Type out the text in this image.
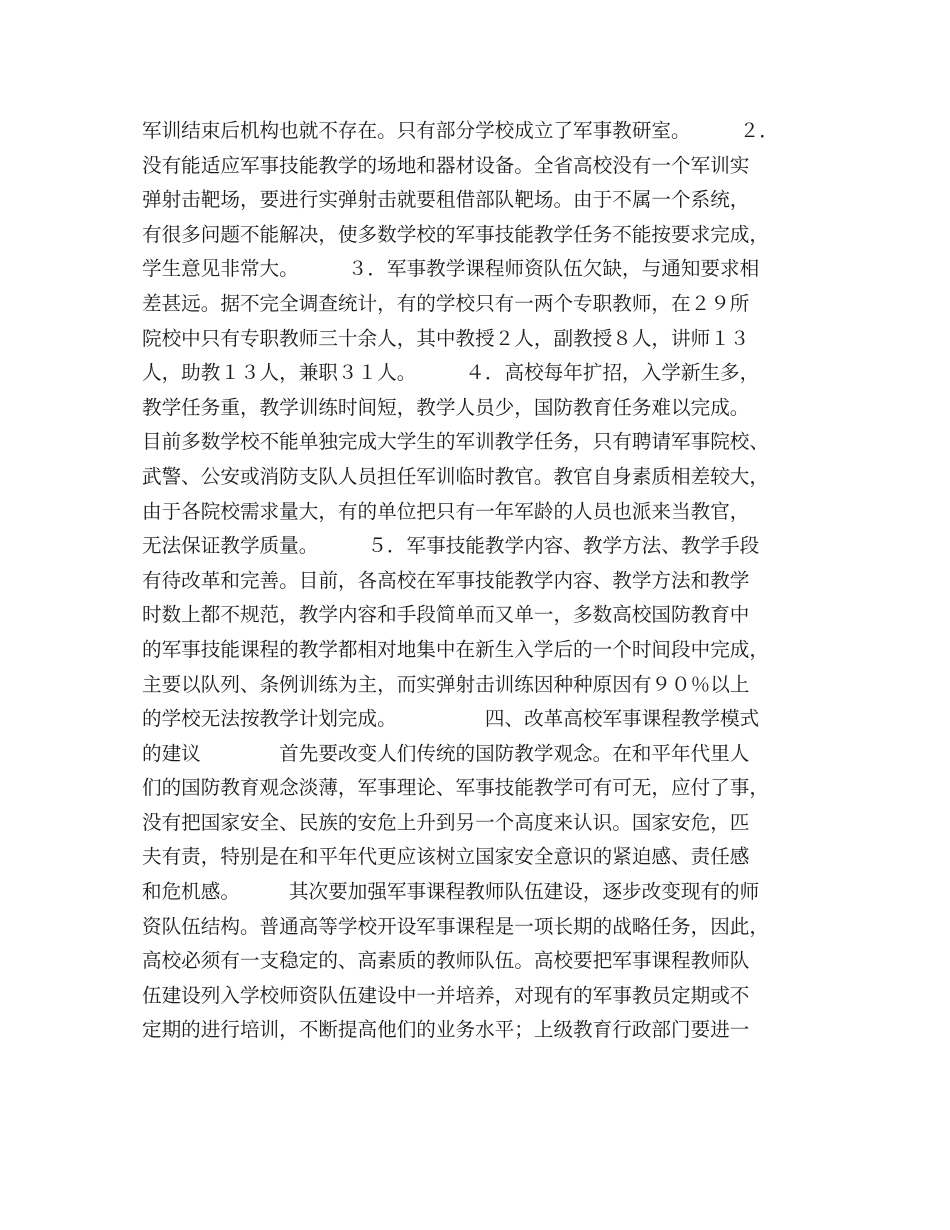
军训结束后机构也就不存在。只有部分学校成立了军事教研室。　　　２．
没有能适应军事技能教学的场地和器材设备。全省高校没有一个军训实
弹射击靶场，要进行实弹射击就要租借部队靶场。由于不属一个系统，
有很多问题不能解决，使多数学校的军事技能教学任务不能按要求完成，
学生意见非常大。　　　３．军事教学课程师资队伍欠缺，与通知要求相
差甚远。据不完全调查统计，有的学校只有一两个专职教师，在２９所
院校中只有专职教师三十余人，其中教授２人，副教授８人，讲师１３
人，助教１３人，兼职３１人。　　　４．高校每年扩招，入学新生多，
教学任务重，教学训练时间短，教学人员少，国防教育任务难以完成。
目前多数学校不能单独完成大学生的军训教学任务，只有聘请军事院校、
武警、公安或消防支队人员担任军训临时教官。教官自身素质相差较大，
由于各院校需求量大，有的单位把只有一年军龄的人员也派来当教官，
无法保证教学质量。　　　５．军事技能教学内容、教学方法、教学手段
有待改革和完善。目前，各高校在军事技能教学内容、教学方法和教学
时数上都不规范，教学内容和手段简单而又单一，多数高校国防教育中
的军事技能课程的教学都相对地集中在新生入学后的一个时间段中完成，
主要以队列、条例训练为主，而实弹射击训练因种种原因有９０％以上
的学校无法按教学计划完成。　　　　　四、改革高校军事课程教学模式
的建议　　　　首先要改变人们传统的国防教学观念。在和平年代里人
们的国防教育观念淡薄，军事理论、军事技能教学可有可无，应付了事，
没有把国家安全、民族的安危上升到另一个高度来认识。国家安危，匹
夫有责，特别是在和平年代更应该树立国家安全意识的紧迫感、责任感
和危机感。　　　其次要加强军事课程教师队伍建设，逐步改变现有的师
资队伍结构。普通高等学校开设军事课程是一项长期的战略任务，因此，
高校必须有一支稳定的、高素质的教师队伍。高校要把军事课程教师队
伍建设列入学校师资队伍建设中一并培养，对现有的军事教员定期或不
定期的进行培训，不断提高他们的业务水平；上级教育行政部门要进一
